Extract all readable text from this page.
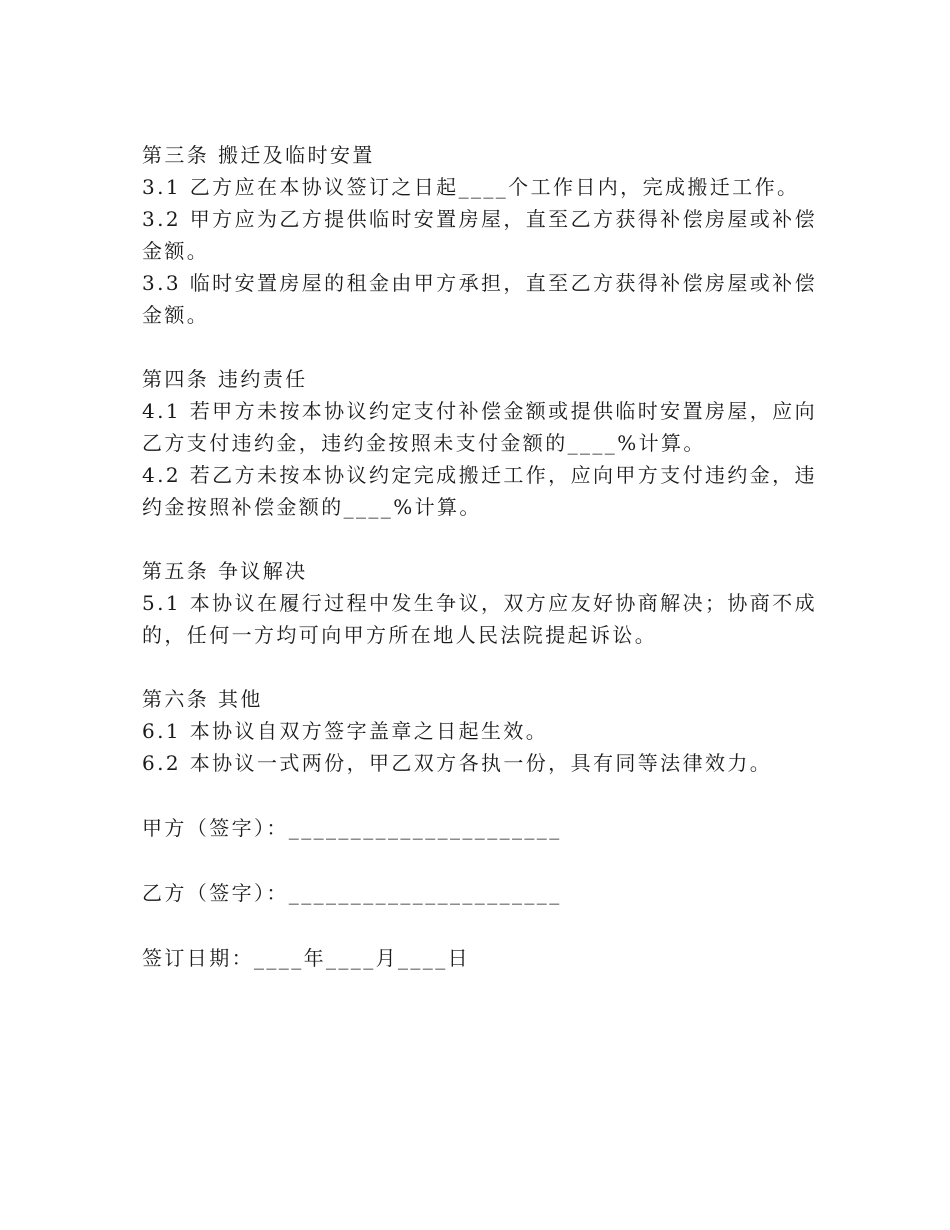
第三条 搬迁及临时安置
3.1 乙方应在本协议签订之日起____个工作日内，完成搬迁工作。
3.2 甲方应为乙方提供临时安置房屋，直至乙方获得补偿房屋或补偿
金额。
3.3 临时安置房屋的租金由甲方承担，直至乙方获得补偿房屋或补偿
金额。
第四条 违约责任
4.1 若甲方未按本协议约定支付补偿金额或提供临时安置房屋，应向
乙方支付违约金，违约金按照未支付金额的____%计算。
4.2 若乙方未按本协议约定完成搬迁工作，应向甲方支付违约金，违
约金按照补偿金额的____%计算。
第五条 争议解决
5.1 本协议在履行过程中发生争议，双方应友好协商解决；协商不成
的，任何一方均可向甲方所在地人民法院提起诉讼。
第六条 其他
6.1 本协议自双方签字盖章之日起生效。
6.2 本协议一式两份，甲乙双方各执一份，具有同等法律效力。
甲方（签字）：______________________
乙方（签字）：______________________
签订日期：____年____月____日
